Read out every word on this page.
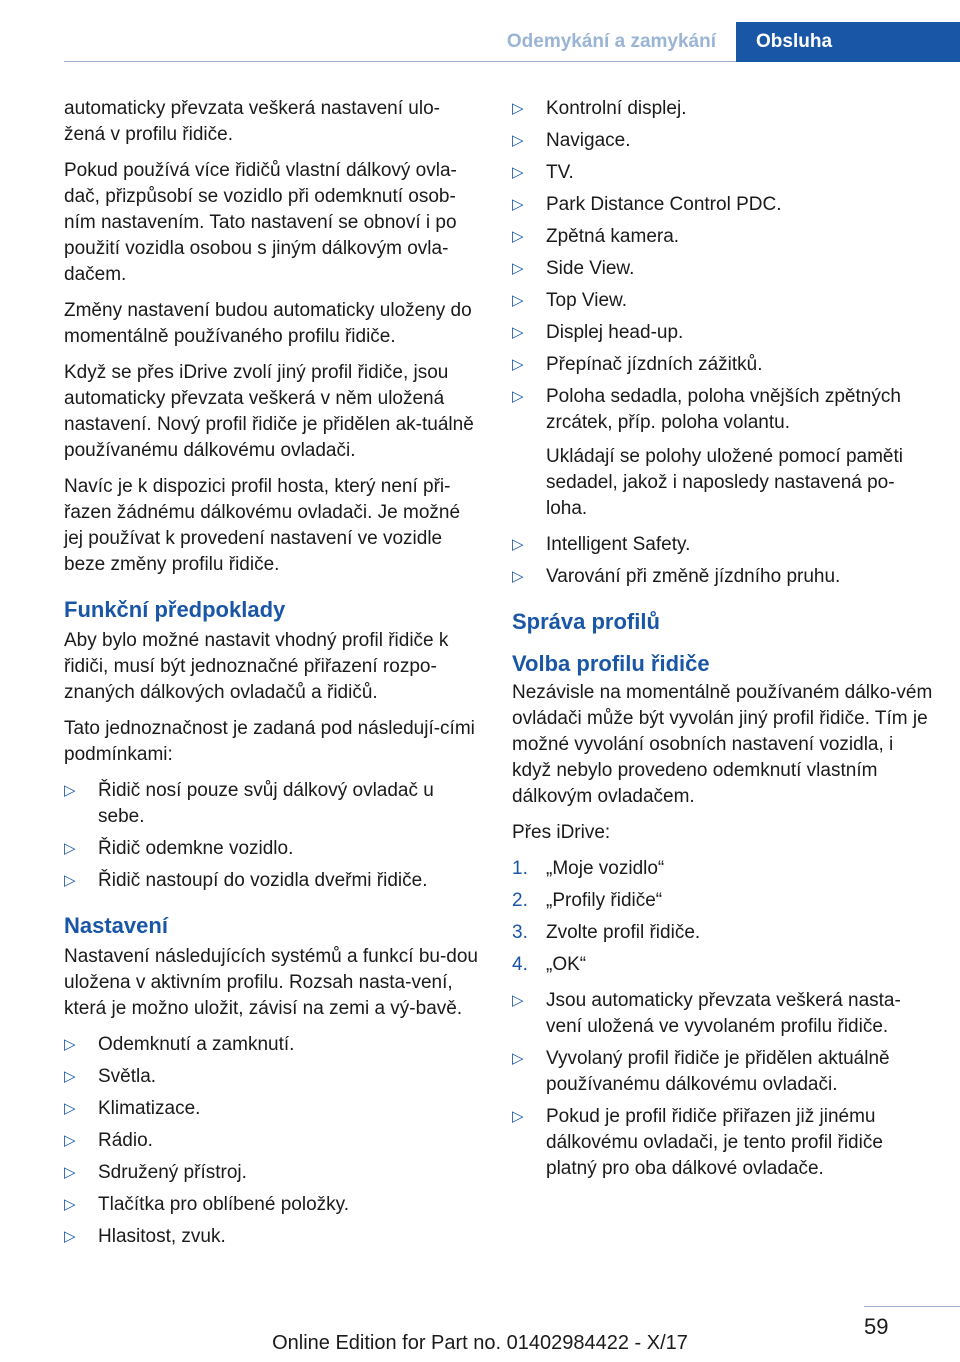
Odemykání a zamykání	Obsluha

automaticky převzata veškerá nastavení ulo-žená v profilu řidiče.

Pokud používá více řidičů vlastní dálkový ovla-dač, přizpůsobí se vozidlo při odemknutí osob-ním nastavením. Tato nastavení se obnoví i po použití vozidla osobou s jiným dálkovým ovla-dačem.

Změny nastavení budou automaticky uloženy do momentálně používaného profilu řidiče.

Když se přes iDrive zvolí jiný profil řidiče, jsou automaticky převzata veškerá v něm uložená nastavení. Nový profil řidiče je přidělen ak-tuálně používanému dálkovému ovladači.

Navíc je k dispozici profil hosta, který není při-řazen žádnému dálkovému ovladači. Je možné jej používat k provedení nastavení ve vozidle beze změny profilu řidiče.

Funkční předpoklady

Aby bylo možné nastavit vhodný profil řidiče k řidiči, musí být jednoznačné přiřazení rozpo-znaných dálkových ovladačů a řidičů.

Tato jednoznačnost je zadaná pod následují-cími podmínkami:

▷ Řidič nosí pouze svůj dálkový ovladač u sebe.
▷ Řidič odemkne vozidlo.
▷ Řidič nastoupí do vozidla dveřmi řidiče.
Nastavení

Nastavení následujících systémů a funkcí bu-dou uložena v aktivním profilu. Rozsah nasta-vení, která je možno uložit, závisí na zemi a vý-bavě.

▷ Odemknutí a zamknutí.
▷ Světla.
▷ Klimatizace.
▷ Rádio.
▷ Sdružený přístroj.
▷ Tlačítka pro oblíbené položky.
▷ Hlasitost, zvuk.
▷ Kontrolní displej.
▷ Navigace.
▷ TV.
▷ Park Distance Control PDC.
▷ Zpětná kamera.
▷ Side View.
▷ Top View.
▷ Displej head-up.
▷ Přepínač jízdních zážitků.
▷ Poloha sedadla, poloha vnějších zpětných zrcátek, příp. poloha volantu.

Ukládají se polohy uložené pomocí paměti sedadel, jakož i naposledy nastavená po-loha.

▷ Intelligent Safety.
▷ Varování při změně jízdního pruhu.
Správa profilů
Volba profilu řidiče

Nezávisle na momentálně používaném dálko-vém ovládači může být vyvolán jiný profil řidiče. Tím je možné vyvolání osobních nastavení vozidla, i když nebylo provedeno odemknutí vlastním dálkovým ovladačem.

Přes iDrive:

1. „Moje vozidlo“
2. „Profily řidiče“
3. Zvolte profil řidiče.
4. „OK“
▷ Jsou automaticky převzata veškerá nasta-vení uložená ve vyvolaném profilu řidiče.
▷ Vyvolaný profil řidiče je přidělen aktuálně používanému dálkovému ovladači.
▷ Pokud je profil řidiče přiřazen již jinému dálkovému ovladači, je tento profil řidiče platný pro oba dálkové ovladače.
59
Online Edition for Part no. 01402984422 - X/17
